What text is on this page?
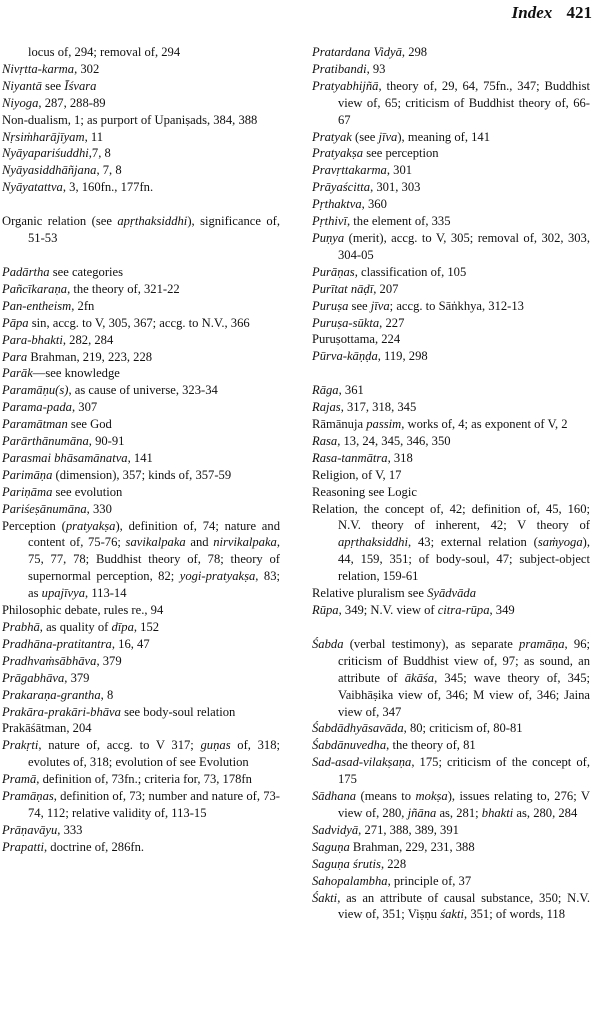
Index 421
locus of, 294; removal of, 294
Nivṛtta-karma, 302
Niyantā see Īśvara
Niyoga, 287, 288-89
Non-dualism, 1; as purport of Upaniṣads, 384, 388
Nṛsiṁharājīyam, 11
Nyāyapariśuddhi,7, 8
Nyāyasiddhāñjana, 7, 8
Nyāyatattva, 3, 160fn., 177fn.
Organic relation (see apṛthaksiddhi), significance of, 51-53
Padārtha see categories
Pañcīkaraṇa, the theory of, 321-22
Pan-entheism, 2fn
Pāpa sin, accg. to V, 305, 367; accg. to N.V., 366
Para-bhakti, 282, 284
Para Brahman, 219, 223, 228
Parāk—see knowledge
Paramāṇu(s), as cause of universe, 323-34
Parama-pada, 307
Paramātman see God
Parārthānumāna, 90-91
Parasmai bhāsamānatva, 141
Parimāṇa (dimension), 357; kinds of, 357-59
Pariṇāma see evolution
Pariśeṣānumāna, 330
Perception (pratyakṣa), definition of, 74; nature and content of, 75-76; savikalpaka and nirvikalpaka, 75, 77, 78; Buddhist theory of, 78; theory of supernormal perception, 82; yogi-pratyakṣa, 83; as upajīvya, 113-14
Philosophic debate, rules re., 94
Prabhā, as quality of dīpa, 152
Pradhāna-pratitantra, 16, 47
Pradhvaṁsābhāva, 379
Prāgabhāva, 379
Prakaraṇa-grantha, 8
Prakāra-prakāri-bhāva see body-soul relation
Prakāśātman, 204
Prakṛti, nature of, accg. to V 317; guṇas of, 318; evolutes of, 318; evolution of see Evolution
Pramā, definition of, 73fn.; criteria for, 73, 178fn
Pramāṇas, definition of, 73; number and nature of, 73-74, 112; relative validity of, 113-15
Prāṇavāyu, 333
Prapatti, doctrine of, 286fn.
Pratardana Vidyā, 298
Pratibandi, 93
Pratyabhijñā, theory of, 29, 64, 75fn., 347; Buddhist view of, 65; criticism of Buddhist theory of, 66-67
Pratyak (see jīva), meaning of, 141
Pratyakṣa see perception
Pravṛttakarma, 301
Prāyaścitta, 301, 303
Pṛthaktva, 360
Pṛthivī, the element of, 335
Puṇya (merit), accg. to V, 305; removal of, 302, 303, 304-05
Purāṇas, classification of, 105
Purītat nāḍī, 207
Puruṣa see jīva; accg. to Sāṅkhya, 312-13
Puruṣa-sūkta, 227
Puruṣottama, 224
Pūrva-kāṇḍa, 119, 298
Rāga, 361
Rajas, 317, 318, 345
Rāmānuja passim, works of, 4; as exponent of V, 2
Rasa, 13, 24, 345, 346, 350
Rasa-tanmātra, 318
Religion, of V, 17
Reasoning see Logic
Relation, the concept of, 42; definition of, 45, 160; N.V. theory of inherent, 42; V theory of apṛthaksiddhi, 43; external relation (saṁyoga), 44, 159, 351; of body-soul, 47; subject-object relation, 159-61
Relative pluralism see Syādvāda
Rūpa, 349; N.V. view of citra-rūpa, 349
Śabda (verbal testimony), as separate pramāṇa, 96; criticism of Buddhist view of, 97; as sound, an attribute of ākāśa, 345; wave theory of, 345; Vaibhāṣika view of, 346; M view of, 346; Jaina view of, 347
Śabdādhyāsavāda, 80; criticism of, 80-81
Śabdānuvedha, the theory of, 81
Sad-asad-vilakṣaṇa, 175; criticism of the concept of, 175
Sādhana (means to mokṣa), issues relating to, 276; V view of, 280, jñāna as, 281; bhakti as, 280, 284
Sadvidyā, 271, 388, 389, 391
Saguṇa Brahman, 229, 231, 388
Saguṇa śrutis, 228
Sahopalambha, principle of, 37
Śakti, as an attribute of causal substance, 350; N.V. view of, 351; Viṣṇu śakti, 351; of words, 118
